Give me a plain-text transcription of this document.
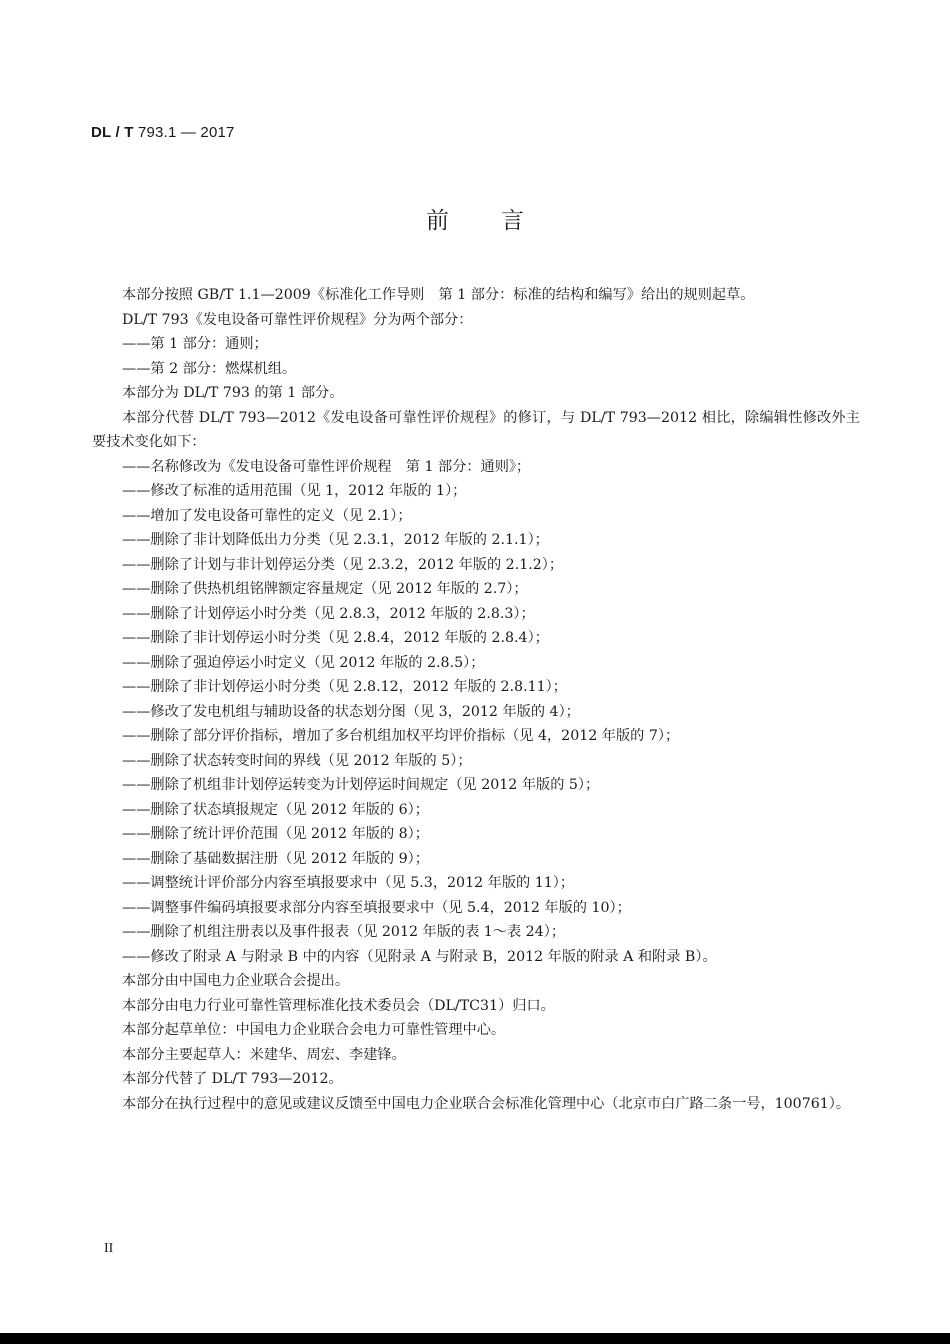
DL / T 793.1 — 2017
前言

本部分按照 GB/T 1.1—2009《标准化工作导则　第 1 部分：标准的结构和编写》给出的规则起草。

DL/T 793《发电设备可靠性评价规程》分为两个部分：

——第 1 部分：通则；

——第 2 部分：燃煤机组。

本部分为 DL/T 793 的第 1 部分。

本部分代替 DL/T 793—2012《发电设备可靠性评价规程》的修订，与 DL/T 793—2012 相比，除编辑性修改外主要技术变化如下：

——名称修改为《发电设备可靠性评价规程　第 1 部分：通则》；

——修改了标准的适用范围（见 1，2012 年版的 1）；

——增加了发电设备可靠性的定义（见 2.1）；

——删除了非计划降低出力分类（见 2.3.1，2012 年版的 2.1.1）；

——删除了计划与非计划停运分类（见 2.3.2，2012 年版的 2.1.2）；

——删除了供热机组铭牌额定容量规定（见 2012 年版的 2.7）；

——删除了计划停运小时分类（见 2.8.3，2012 年版的 2.8.3）；

——删除了非计划停运小时分类（见 2.8.4，2012 年版的 2.8.4）；

——删除了强迫停运小时定义（见 2012 年版的 2.8.5）；

——删除了非计划停运小时分类（见 2.8.12，2012 年版的 2.8.11）；

——修改了发电机组与辅助设备的状态划分图（见 3，2012 年版的 4）；

——删除了部分评价指标，增加了多台机组加权平均评价指标（见 4，2012 年版的 7）；

——删除了状态转变时间的界线（见 2012 年版的 5）；

——删除了机组非计划停运转变为计划停运时间规定（见 2012 年版的 5）；

——删除了状态填报规定（见 2012 年版的 6）；

——删除了统计评价范围（见 2012 年版的 8）；

——删除了基础数据注册（见 2012 年版的 9）；

——调整统计评价部分内容至填报要求中（见 5.3，2012 年版的 11）；

——调整事件编码填报要求部分内容至填报要求中（见 5.4，2012 年版的 10）；

——删除了机组注册表以及事件报表（见 2012 年版的表 1～表 24）；

——修改了附录 A 与附录 B 中的内容（见附录 A 与附录 B，2012 年版的附录 A 和附录 B）。

本部分由中国电力企业联合会提出。

本部分由电力行业可靠性管理标准化技术委员会（DL/TC31）归口。

本部分起草单位：中国电力企业联合会电力可靠性管理中心。

本部分主要起草人：米建华、周宏、李建锋。

本部分代替了 DL/T 793—2012。

本部分在执行过程中的意见或建议反馈至中国电力企业联合会标准化管理中心（北京市白广路二条一号，100761）。

II
